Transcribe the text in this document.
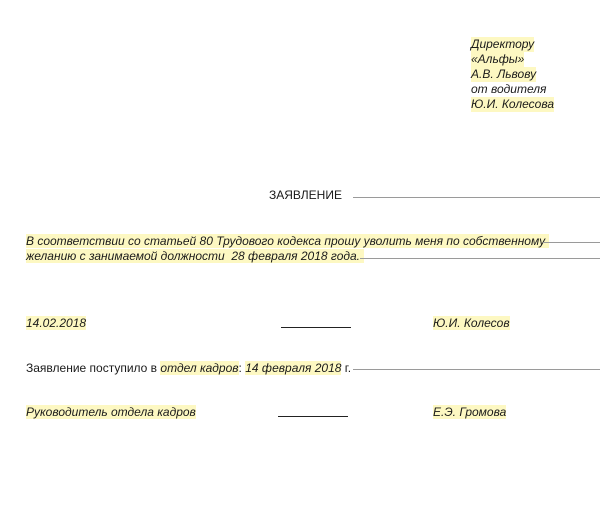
Директору
«Альфы»
А.В. Львову
от водителя
Ю.И. Колесова
ЗАЯВЛЕНИЕ
В соответствии со статьей 80 Трудового кодекса прошу уволить меня по собственному
желанию с занимаемой должности 28 февраля 2018 года.
14.02.2018	Ю.И. Колесов
Заявление поступило в отдел кадров: 14 февраля 2018 г.
Руководитель отдела кадров	Е.Э. Громова
